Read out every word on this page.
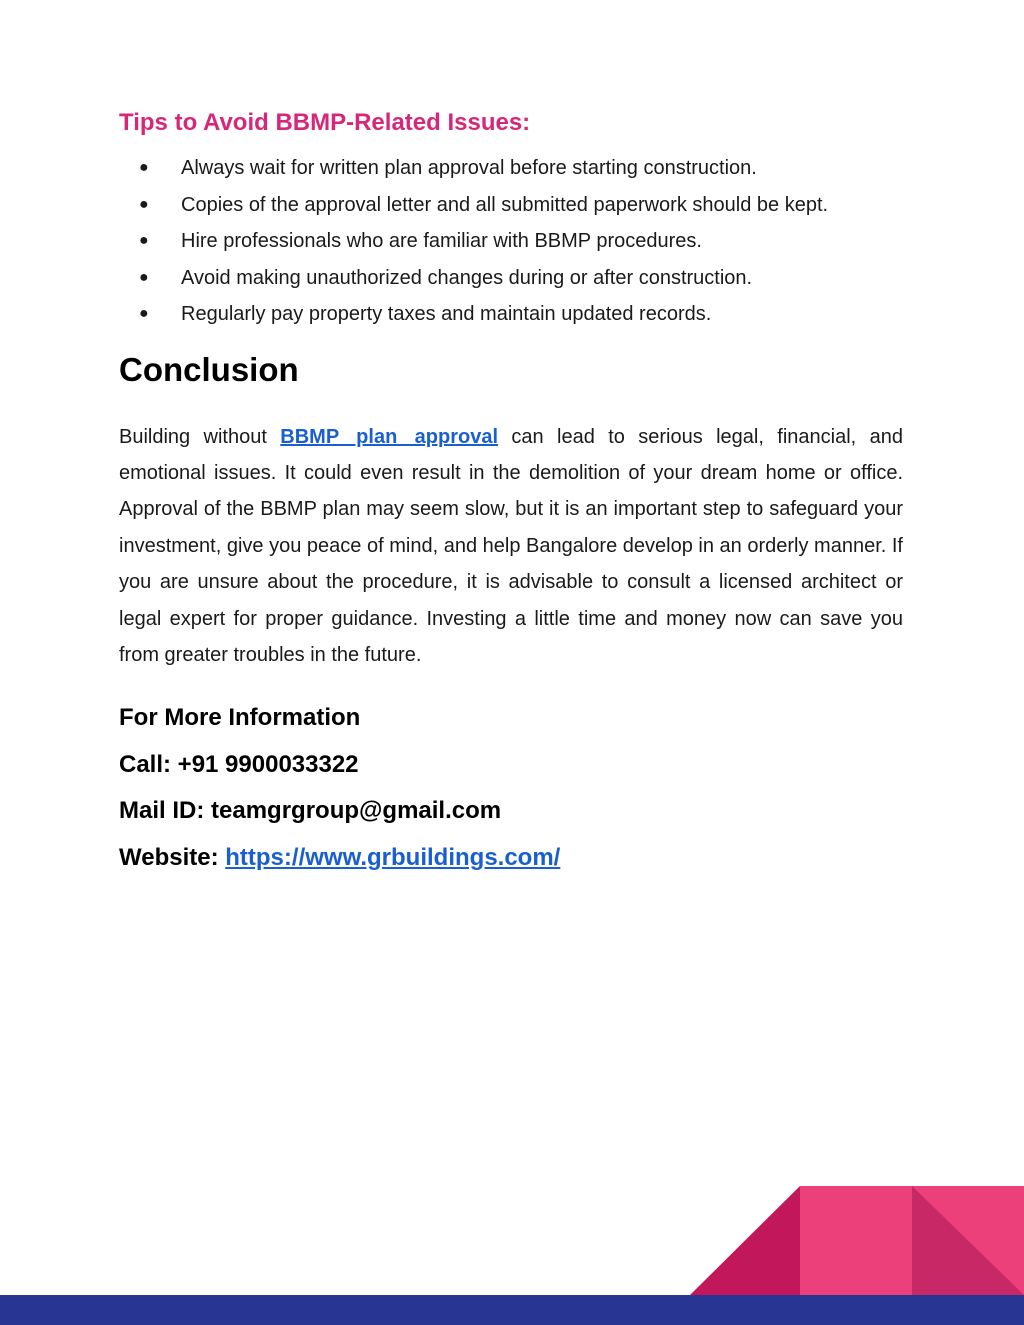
Tips to Avoid BBMP-Related Issues:
● Always wait for written plan approval before starting construction.
● Copies of the approval letter and all submitted paperwork should be kept.
● Hire professionals who are familiar with BBMP procedures.
● Avoid making unauthorized changes during or after construction.
● Regularly pay property taxes and maintain updated records.
Conclusion

Building without BBMP plan approval can lead to serious legal, financial, and emotional issues. It could even result in the demolition of your dream home or office. Approval of the BBMP plan may seem slow, but it is an important step to safeguard your investment, give you peace of mind, and help Bangalore develop in an orderly manner. If you are unsure about the procedure, it is advisable to consult a licensed architect or legal expert for proper guidance. Investing a little time and money now can save you from greater troubles in the future.

For More Information
Call: +91 9900033322
Mail ID: teamgrgroup@gmail.com
Website: https://www.grbuildings.com/
